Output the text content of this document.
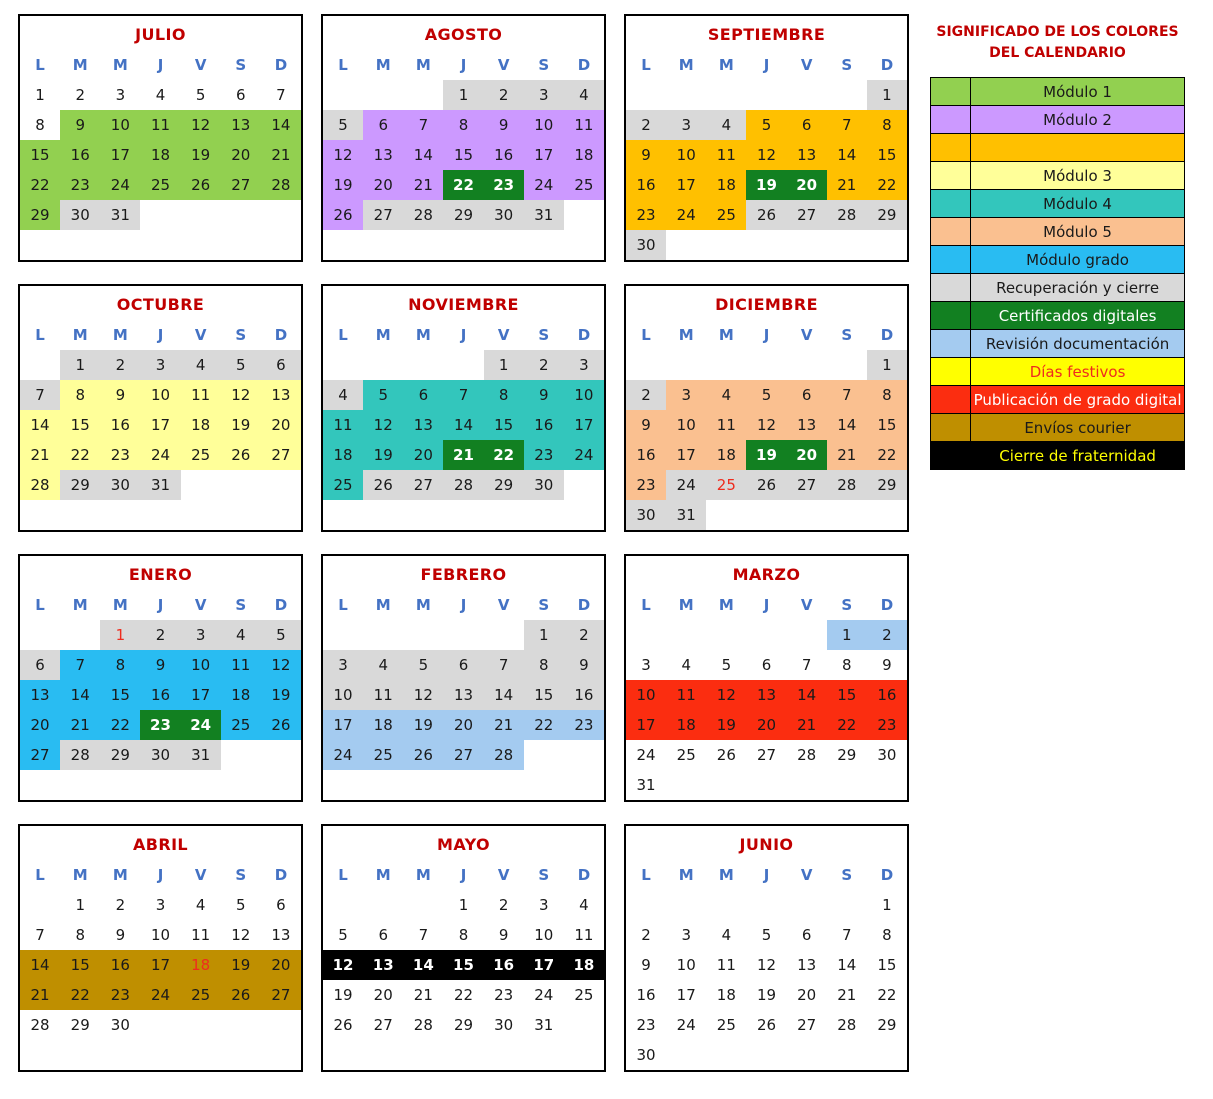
JULIO
L	M	M	J	V	S	D
1	2	3	4	5	6	7
8	9	10	11	12	13	14
15	16	17	18	19	20	21
22	23	24	25	26	27	28
29	30	31				
AGOSTO
L	M	M	J	V	S	D
			1	2	3	4
5	6	7	8	9	10	11
12	13	14	15	16	17	18
19	20	21	22	23	24	25
26	27	28	29	30	31	
SEPTIEMBRE
L	M	M	J	V	S	D
						1
2	3	4	5	6	7	8
9	10	11	12	13	14	15
16	17	18	19	20	21	22
23	24	25	26	27	28	29
30						
OCTUBRE
L	M	M	J	V	S	D
	1	2	3	4	5	6
7	8	9	10	11	12	13
14	15	16	17	18	19	20
21	22	23	24	25	26	27
28	29	30	31			
NOVIEMBRE
L	M	M	J	V	S	D
				1	2	3
4	5	6	7	8	9	10
11	12	13	14	15	16	17
18	19	20	21	22	23	24
25	26	27	28	29	30	
DICIEMBRE
L	M	M	J	V	S	D
						1
2	3	4	5	6	7	8
9	10	11	12	13	14	15
16	17	18	19	20	21	22
23	24	25	26	27	28	29
30	31					
ENERO
L	M	M	J	V	S	D
		1	2	3	4	5
6	7	8	9	10	11	12
13	14	15	16	17	18	19
20	21	22	23	24	25	26
27	28	29	30	31		
FEBRERO
L	M	M	J	V	S	D
					1	2
3	4	5	6	7	8	9
10	11	12	13	14	15	16
17	18	19	20	21	22	23
24	25	26	27	28		
MARZO
L	M	M	J	V	S	D
					1	2
3	4	5	6	7	8	9
10	11	12	13	14	15	16
17	18	19	20	21	22	23
24	25	26	27	28	29	30
31						
ABRIL
L	M	M	J	V	S	D
	1	2	3	4	5	6
7	8	9	10	11	12	13
14	15	16	17	18	19	20
21	22	23	24	25	26	27
28	29	30				
MAYO
L	M	M	J	V	S	D
			1	2	3	4
5	6	7	8	9	10	11
12	13	14	15	16	17	18
19	20	21	22	23	24	25
26	27	28	29	30	31	
JUNIO
L	M	M	J	V	S	D
						1
2	3	4	5	6	7	8
9	10	11	12	13	14	15
16	17	18	19	20	21	22
23	24	25	26	27	28	29
30						
SIGNIFICADO DE LOS COLORES
DEL CALENDARIO
	Módulo 1
	Módulo 2

	Módulo 3
	Módulo 4
	Módulo 5
	Módulo grado
	Recuperación y cierre
	Certificados digitales
	Revisión documentación
	Días festivos
	Publicación de grado digital
	Envíos courier
	Cierre de fraternidad
